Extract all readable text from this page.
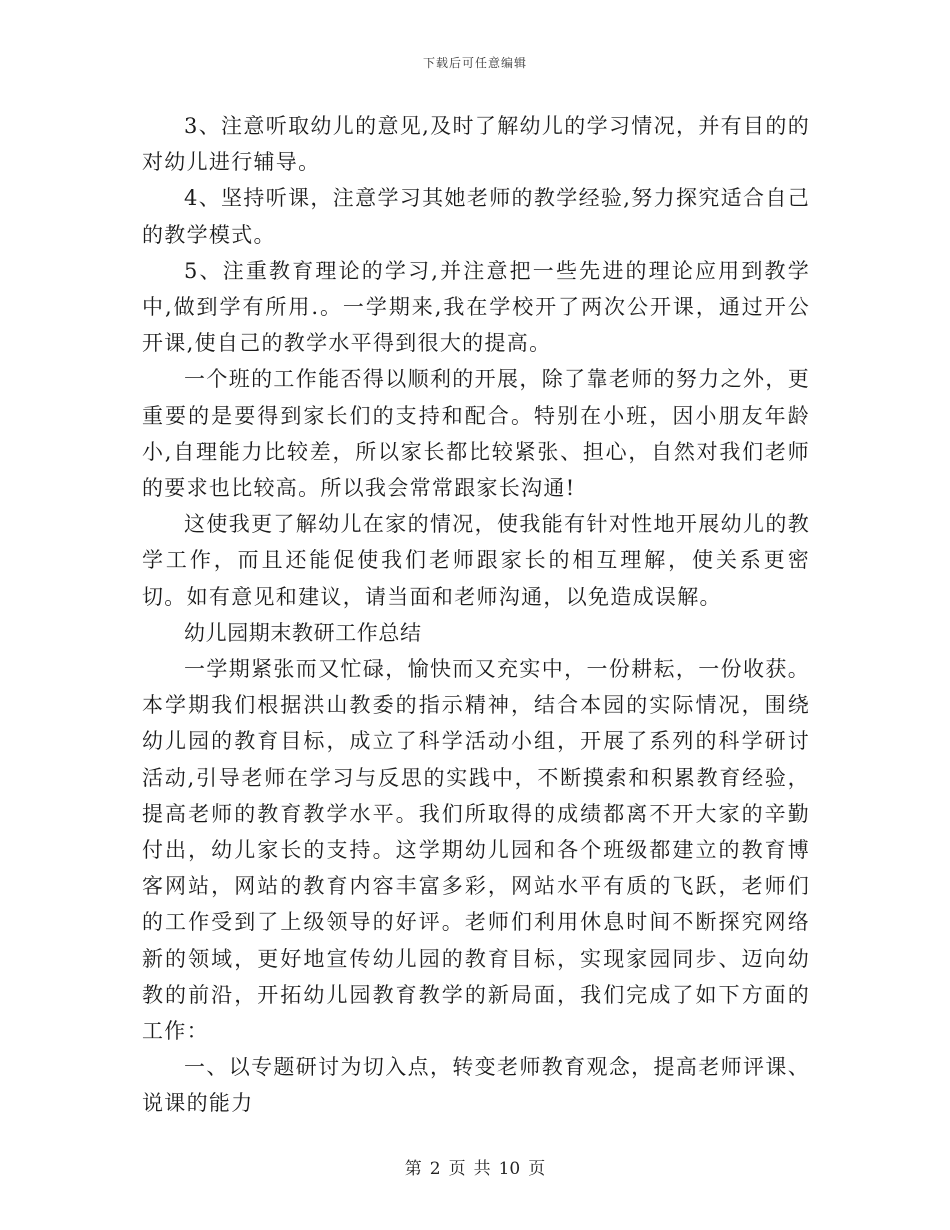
下载后可任意编辑

3、注意听取幼儿的意见,及时了解幼儿的学习情况，并有目的的对幼儿进行辅导。

4、坚持听课，注意学习其她老师的教学经验,努力探究适合自己的教学模式。

5、注重教育理论的学习,并注意把一些先进的理论应用到教学中,做到学有所用.。一学期来,我在学校开了两次公开课，通过开公开课,使自己的教学水平得到很大的提高。

一个班的工作能否得以顺利的开展，除了靠老师的努力之外，更重要的是要得到家长们的支持和配合。特别在小班，因小朋友年龄小,自理能力比较差，所以家长都比较紧张、担心，自然对我们老师的要求也比较高。所以我会常常跟家长沟通!

这使我更了解幼儿在家的情况，使我能有针对性地开展幼儿的教学工作，而且还能促使我们老师跟家长的相互理解，使关系更密切。如有意见和建议，请当面和老师沟通，以免造成误解。

幼儿园期末教研工作总结

一学期紧张而又忙碌，愉快而又充实中，一份耕耘，一份收获。本学期我们根据洪山教委的指示精神，结合本园的实际情况，围绕幼儿园的教育目标，成立了科学活动小组，开展了系列的科学研讨活动,引导老师在学习与反思的实践中，不断摸索和积累教育经验，提高老师的教育教学水平。我们所取得的成绩都离不开大家的辛勤付出，幼儿家长的支持。这学期幼儿园和各个班级都建立的教育博客网站，网站的教育内容丰富多彩，网站水平有质的飞跃，老师们的工作受到了上级领导的好评。老师们利用休息时间不断探究网络新的领域，更好地宣传幼儿园的教育目标，实现家园同步、迈向幼教的前沿，开拓幼儿园教育教学的新局面，我们完成了如下方面的工作：

一、以专题研讨为切入点，转变老师教育观念，提高老师评课、说课的能力

第 2 页 共 10 页
